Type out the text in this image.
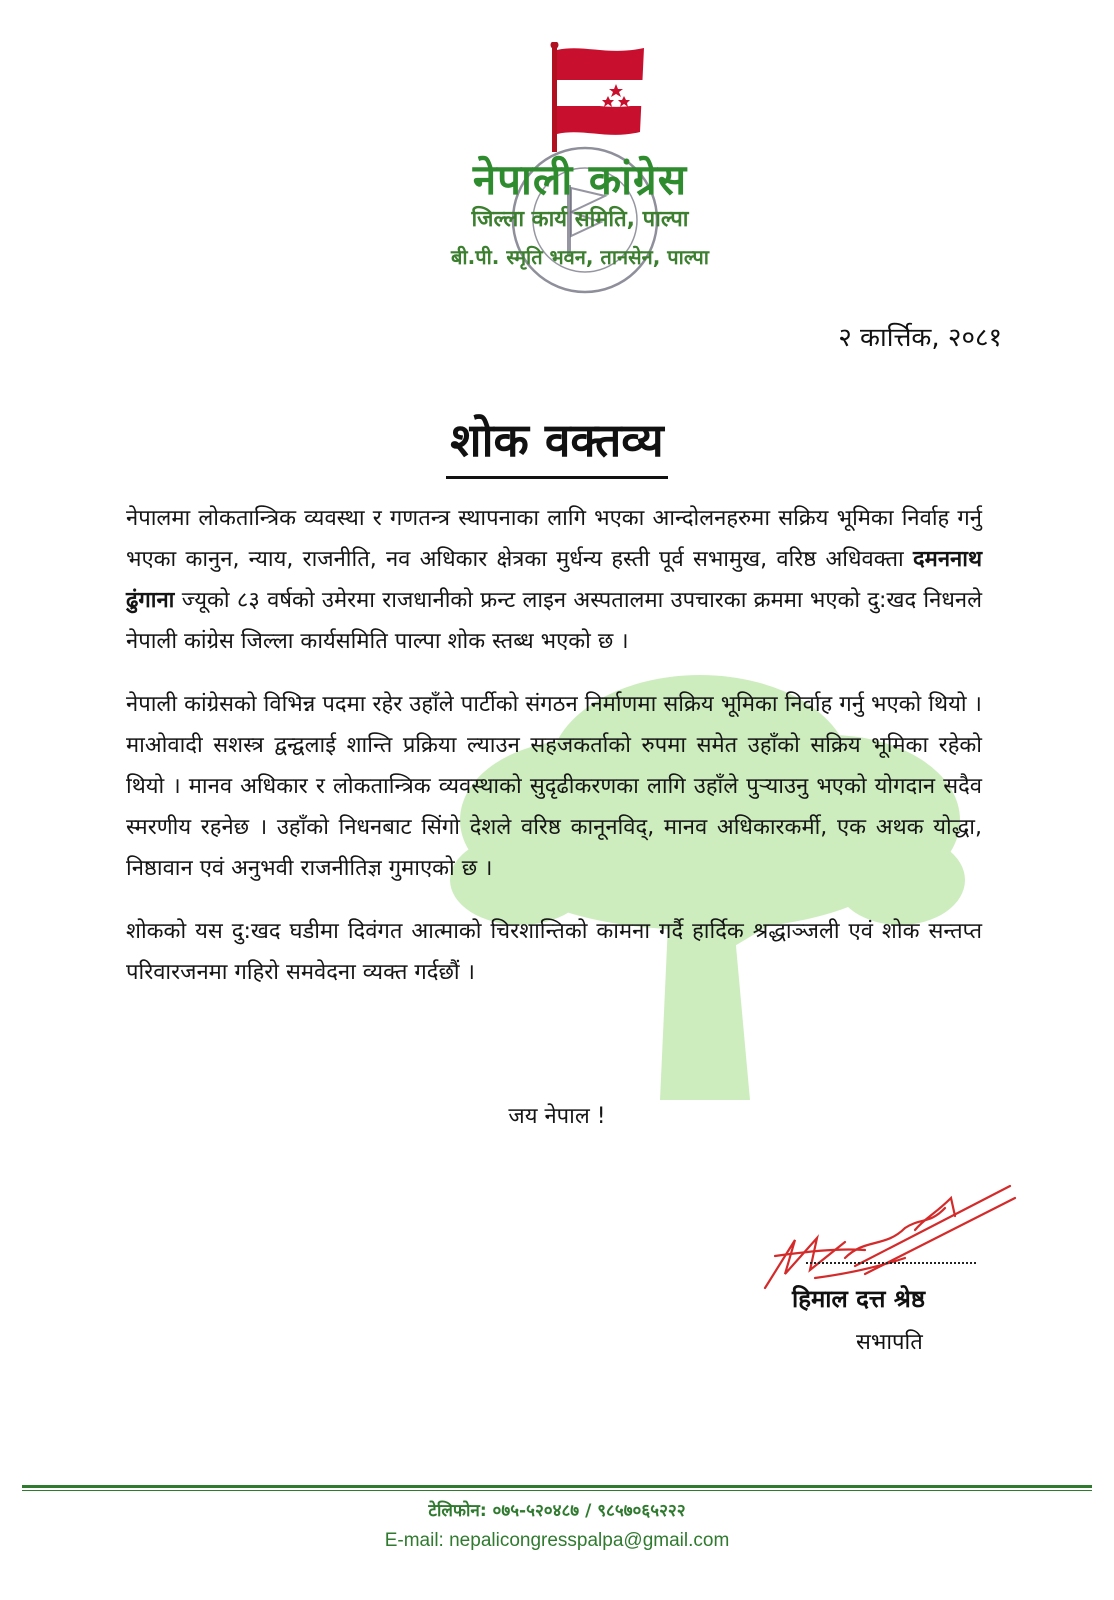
नेपाली कांग्रेस
जिल्ला कार्य समिति, पाल्पा
बी.पी. स्मृति भवन, तानसेन, पाल्पा
२ कार्त्तिक, २०८१
शोक वक्तव्य

नेपालमा लोकतान्त्रिक व्यवस्था र गणतन्त्र स्थापनाका लागि भएका आन्दोलनहरुमा सक्रिय भूमिका निर्वाह गर्नु भएका कानुन, न्याय, राजनीति, नव अधिकार क्षेत्रका मुर्धन्य हस्ती पूर्व सभामुख, वरिष्ठ अधिवक्ता दमननाथ ढुंगाना ज्यूको ८३ वर्षको उमेरमा राजधानीको फ्रन्ट लाइन अस्पतालमा उपचारका क्रममा भएको दु:खद निधनले नेपाली कांग्रेस जिल्ला कार्यसमिति पाल्पा शोक स्तब्ध भएको छ ।

नेपाली कांग्रेसको विभिन्न पदमा रहेर उहाँले पार्टीको संगठन निर्माणमा सक्रिय भूमिका निर्वाह गर्नु भएको थियो । माओवादी सशस्त्र द्वन्द्वलाई शान्ति प्रक्रिया ल्याउन सहजकर्ताको रुपमा समेत उहाँको सक्रिय भूमिका रहेको थियो । मानव अधिकार र लोकतान्त्रिक व्यवस्थाको सुदृढीकरणका लागि उहाँले पुऱ्याउनु भएको योगदान सदैव स्मरणीय रहनेछ । उहाँको निधनबाट सिंगो देशले वरिष्ठ कानूनविद्, मानव अधिकारकर्मी, एक अथक योद्धा, निष्ठावान एवं अनुभवी राजनीतिज्ञ गुमाएको छ ।

शोकको यस दु:खद घडीमा दिवंगत आत्माको चिरशान्तिको कामना गर्दै हार्दिक श्रद्धाञ्जली एवं शोक सन्तप्त परिवारजनमा गहिरो समवेदना व्यक्त गर्दछौं ।

जय नेपाल !
हिमाल दत्त श्रेष्ठ
सभापति
टेलिफोन: ०७५-५२०४८७ / ९८५७०६५२२२
E-mail: nepalicongresspalpa@gmail.com
